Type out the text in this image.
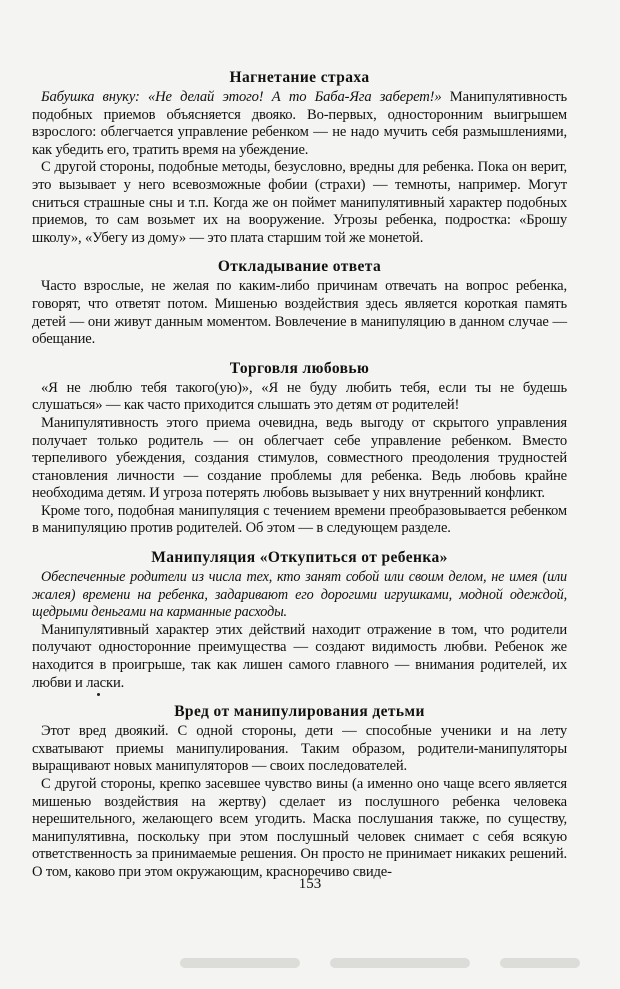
Нагнетание страха

Бабушка внуку: «Не делай этого! А то Баба-Яга заберет!» Манипулятивность подобных приемов объясняется двояко. Во-первых, односторонним выигрышем взрослого: облегчается управление ребенком — не надо мучить себя размышлениями, как убедить его, тратить время на убеждение.

С другой стороны, подобные методы, безусловно, вредны для ребенка. Пока он верит, это вызывает у него всевозможные фобии (страхи) — темноты, например. Могут сниться страшные сны и т.п. Когда же он поймет манипулятивный характер подобных приемов, то сам возьмет их на вооружение. Угрозы ребенка, подростка: «Брошу школу», «Убегу из дому» — это плата старшим той же монетой.

Откладывание ответа

Часто взрослые, не желая по каким-либо причинам отвечать на вопрос ребенка, говорят, что ответят потом. Мишенью воздействия здесь является короткая память детей — они живут данным моментом. Вовлечение в манипуляцию в данном случае — обещание.

Торговля любовью

«Я не люблю тебя такого(ую)», «Я не буду любить тебя, если ты не будешь слушаться» — как часто приходится слышать это детям от родителей!

Манипулятивность этого приема очевидна, ведь выгоду от скрытого управления получает только родитель — он облегчает себе управление ребенком. Вместо терпеливого убеждения, создания стимулов, совместного преодоления трудностей становления личности — создание проблемы для ребенка. Ведь любовь крайне необходима детям. И угроза потерять любовь вызывает у них внутренний конфликт.

Кроме того, подобная манипуляция с течением времени преобразовывается ребенком в манипуляцию против родителей. Об этом — в следующем разделе.

Манипуляция «Откупиться от ребенка»

Обеспеченные родители из числа тех, кто занят собой или своим делом, не имея (или жалея) времени на ребенка, задаривают его дорогими игрушками, модной одеждой, щедрыми деньгами на карманные расходы.

Манипулятивный характер этих действий находит отражение в том, что родители получают односторонние преимущества — создают видимость любви. Ребенок же находится в проигрыше, так как лишен самого главного — внимания родителей, их любви и ласки.

Вред от манипулирования детьми

Этот вред двоякий. С одной стороны, дети — способные ученики и на лету схватывают приемы манипулирования. Таким образом, родители-манипуляторы выращивают новых манипуляторов — своих последователей.

С другой стороны, крепко засевшее чувство вины (а именно оно чаще всего является мишенью воздействия на жертву) сделает из послушного ребенка человека нерешительного, желающего всем угодить. Маска послушания также, по существу, манипулятивна, поскольку при этом послушный человек снимает с себя всякую ответственность за принимаемые решения. Он просто не принимает никаких решений. О том, каково при этом окружающим, красноречиво свиде-

153
